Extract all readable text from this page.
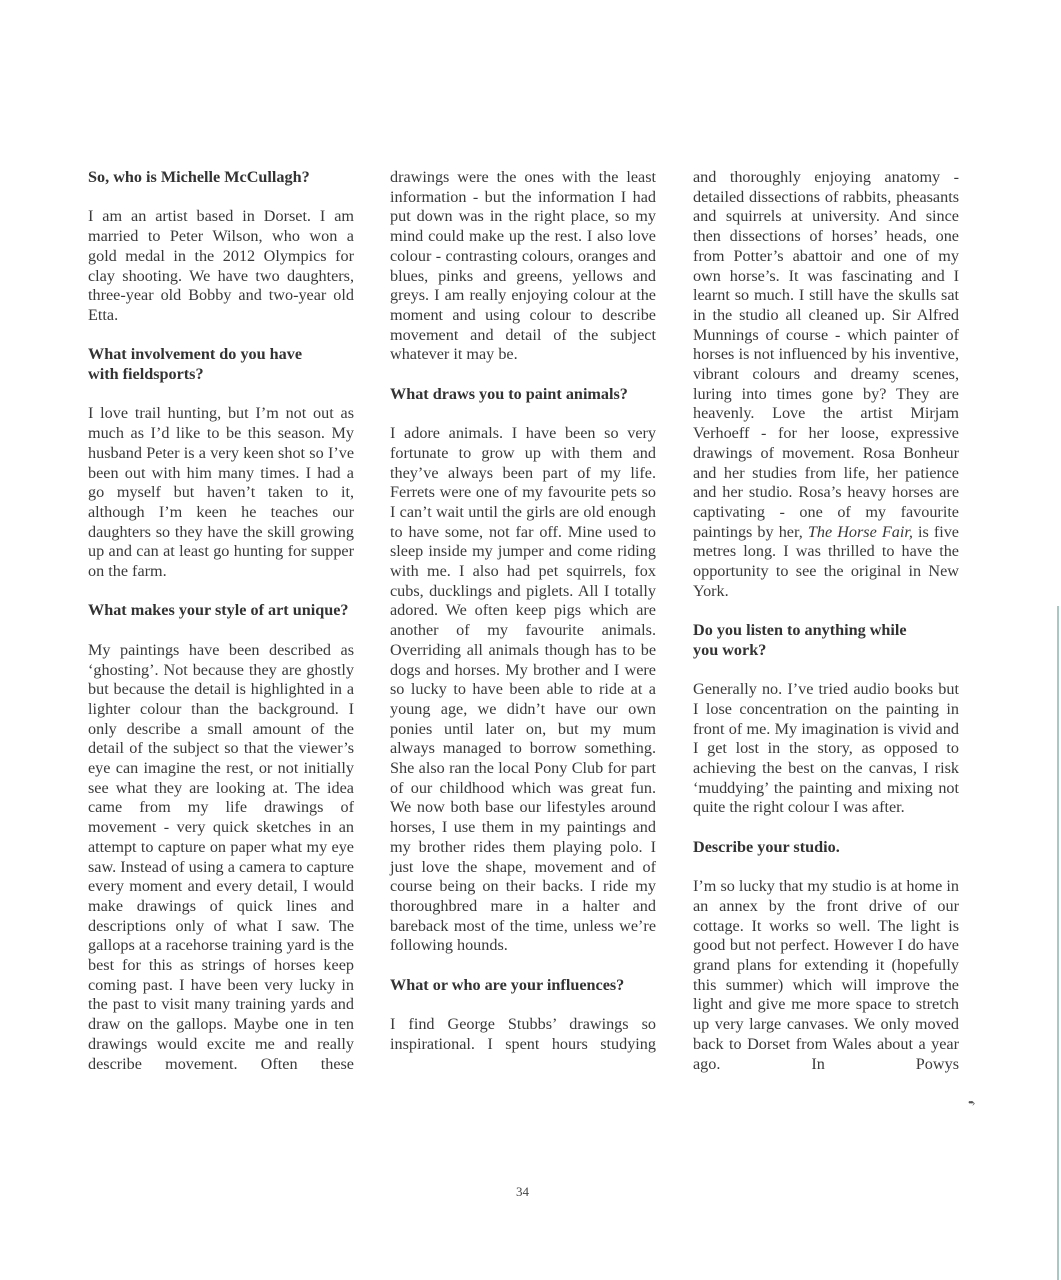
So, who is Michelle McCullagh?

I am an artist based in Dorset. I am married to Peter Wilson, who won a gold medal in the 2012 Olympics for clay shooting. We have two daughters, three-year old Bobby and two-year old Etta.

What involvement do you have
with fieldsports?

I love trail hunting, but I’m not out as much as I’d like to be this season. My husband Peter is a very keen shot so I’ve been out with him many times. I had a go myself but haven’t taken to it, although I’m keen he teaches our daughters so they have the skill growing up and can at least go hunting for supper on the farm.

What makes your style of art unique?

My paintings have been described as ‘ghosting’. Not because they are ghostly but because the detail is highlighted in a lighter colour than the background. I only describe a small amount of the detail of the subject so that the viewer’s eye can imagine the rest, or not initially see what they are looking at. The idea came from my life drawings of movement - very quick sketches in an attempt to capture on paper what my eye saw. Instead of using a camera to capture every moment and every detail, I would make drawings of quick lines and descriptions only of what I saw. The gallops at a racehorse training yard is the best for this as strings of horses keep coming past. I have been very lucky in the past to visit many training yards and draw on the gallops. Maybe one in ten drawings would excite me and really describe movement. Often these

drawings were the ones with the least information - but the information I had put down was in the right place, so my mind could make up the rest. I also love colour - contrasting colours, oranges and blues, pinks and greens, yellows and greys. I am really enjoying colour at the moment and using colour to describe movement and detail of the subject whatever it may be.

What draws you to paint animals?

I adore animals. I have been so very fortunate to grow up with them and they’ve always been part of my life. Ferrets were one of my favourite pets so I can’t wait until the girls are old enough to have some, not far off. Mine used to sleep inside my jumper and come riding with me. I also had pet squirrels, fox cubs, ducklings and piglets. All I totally adored. We often keep pigs which are another of my favourite animals. Overriding all animals though has to be dogs and horses. My brother and I were so lucky to have been able to ride at a young age, we didn’t have our own ponies until later on, but my mum always managed to borrow something. She also ran the local Pony Club for part of our childhood which was great fun. We now both base our lifestyles around horses, I use them in my paintings and my brother rides them playing polo. I just love the shape, movement and of course being on their backs. I ride my thoroughbred mare in a halter and bareback most of the time, unless we’re following hounds.

What or who are your influences?

I find George Stubbs’ drawings so inspirational. I spent hours studying

and thoroughly enjoying anatomy - detailed dissections of rabbits, pheasants and squirrels at university. And since then dissections of horses’ heads, one from Potter’s abattoir and one of my own horse’s. It was fascinating and I learnt so much. I still have the skulls sat in the studio all cleaned up. Sir Alfred Munnings of course - which painter of horses is not influenced by his inventive, vibrant colours and dreamy scenes, luring into times gone by? They are heavenly. Love the artist Mirjam Verhoeff - for her loose, expressive drawings of movement. Rosa Bonheur and her studies from life, her patience and her studio. Rosa’s heavy horses are captivating - one of my favourite paintings by her, The Horse Fair, is five metres long. I was thrilled to have the opportunity to see the original in New York.

Do you listen to anything while
you work?

Generally no. I’ve tried audio books but I lose concentration on the painting in front of me. My imagination is vivid and I get lost in the story, as opposed to achieving the best on the canvas, I risk ‘muddying’ the painting and mixing not quite the right colour I was after.

Describe your studio.

I’m so lucky that my studio is at home in an annex by the front drive of our cottage. It works so well. The light is good but not perfect. However I do have grand plans for extending it (hopefully this summer) which will improve the light and give me more space to stretch up very large canvases. We only moved back to Dorset from Wales about a year ago. In Powys

••›
34
